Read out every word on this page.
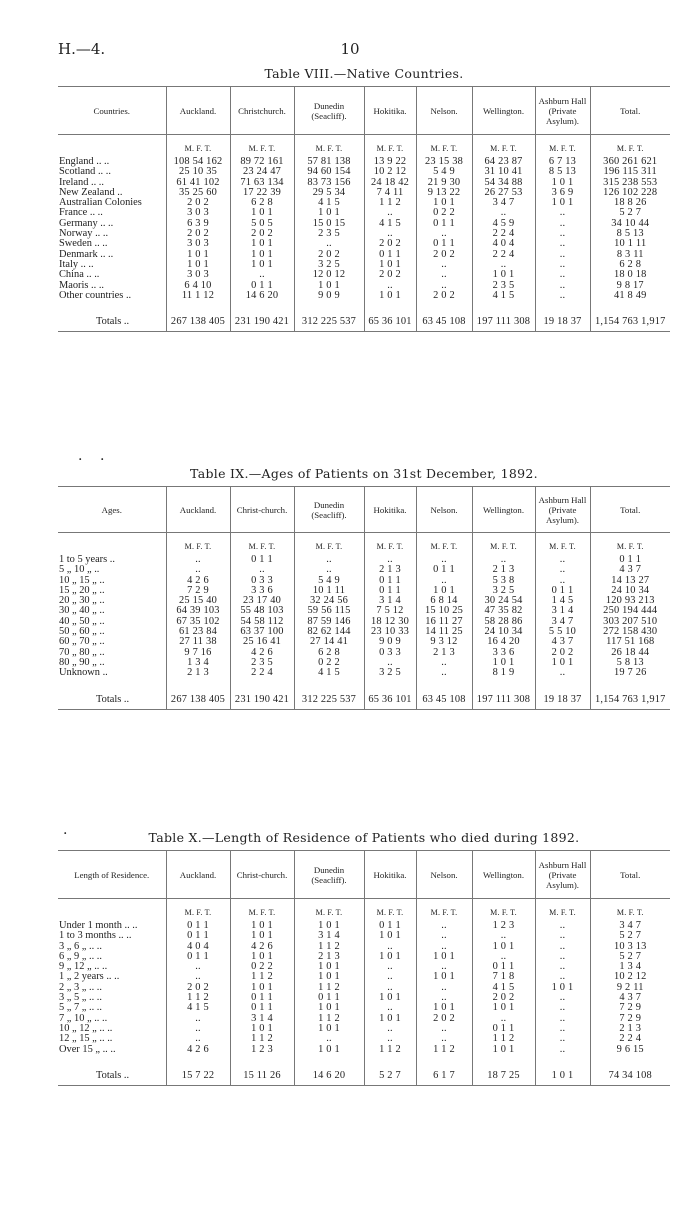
H.—4.	10
Table VIII.—Native Countries.
Countries.	Auckland.	Christchurch.	Dunedin (Seacliff).	Hokitika.	Nelson.	Wellington.	Ashburn Hall (Private Asylum).	Total.

	M. F. T.	M. F. T.	M. F. T.	M. F. T.	M. F. T.	M. F. T.	M. F. T.	M. F. T.
England .. ..	108 54 162	89 72 161	57 81 138	13 9 22	23 15 38	64 23 87	6 7 13	360 261 621
Scotland .. ..	25 10 35	23 24 47	94 60 154	10 2 12	5 4 9	31 10 41	8 5 13	196 115 311
Ireland .. ..	61 41 102	71 63 134	83 73 156	24 18 42	21 9 30	54 34 88	1 0 1	315 238 553
New Zealand ..	35 25 60	17 22 39	29 5 34	7 4 11	9 13 22	26 27 53	3 6 9	126 102 228
Australian Colonies	2 0 2	6 2 8	4 1 5	1 1 2	1 0 1	3 4 7	1 0 1	18 8 26
France .. ..	3 0 3	1 0 1	1 0 1	..	0 2 2	..	..	5 2 7
Germany .. ..	6 3 9	5 0 5	15 0 15	4 1 5	0 1 1	4 5 9	..	34 10 44
Norway .. ..	2 0 2	2 0 2	2 3 5	..	..	2 2 4	..	8 5 13
Sweden .. ..	3 0 3	1 0 1	..	2 0 2	0 1 1	4 0 4	..	10 1 11
Denmark .. ..	1 0 1	1 0 1	2 0 2	0 1 1	2 0 2	2 2 4	..	8 3 11
Italy .. ..	1 0 1	1 0 1	3 2 5	1 0 1	..	..	..	6 2 8
China .. ..	3 0 3	..	12 0 12	2 0 2	..	1 0 1	..	18 0 18
Maoris .. ..	6 4 10	0 1 1	1 0 1	..	..	2 3 5	..	9 8 17
Other countries ..	11 1 12	14 6 20	9 0 9	1 0 1	2 0 2	4 1 5	..	41 8 49

Totals ..	267 138 405	231 190 421	312 225 537	65 36 101	63 45 108	197 111 308	19 18 37	1,154 763 1,917
. .
Table IX.—Ages of Patients on 31st December, 1892.
Ages.	Auckland.	Christ-church.	Dunedin (Seacliff).	Hokitika.	Nelson.	Wellington.	Ashburn Hall (Private Asylum).	Total.

	M. F. T.	M. F. T.	M. F. T.	M. F. T.	M. F. T.	M. F. T.	M. F. T.	M. F. T.
1 to 5 years ..	..	0 1 1	..	..	..	..	..	0 1 1
5 „ 10 „ ..	..	..	..	2 1 3	0 1 1	2 1 3	..	4 3 7
10 „ 15 „ ..	4 2 6	0 3 3	5 4 9	0 1 1	..	5 3 8	..	14 13 27
15 „ 20 „ ..	7 2 9	3 3 6	10 1 11	0 1 1	1 0 1	3 2 5	0 1 1	24 10 34
20 „ 30 „ ..	25 15 40	23 17 40	32 24 56	3 1 4	6 8 14	30 24 54	1 4 5	120 93 213
30 „ 40 „ ..	64 39 103	55 48 103	59 56 115	7 5 12	15 10 25	47 35 82	3 1 4	250 194 444
40 „ 50 „ ..	67 35 102	54 58 112	87 59 146	18 12 30	16 11 27	58 28 86	3 4 7	303 207 510
50 „ 60 „ ..	61 23 84	63 37 100	82 62 144	23 10 33	14 11 25	24 10 34	5 5 10	272 158 430
60 „ 70 „ ..	27 11 38	25 16 41	27 14 41	9 0 9	9 3 12	16 4 20	4 3 7	117 51 168
70 „ 80 „ ..	9 7 16	4 2 6	6 2 8	0 3 3	2 1 3	3 3 6	2 0 2	26 18 44
80 „ 90 „ ..	1 3 4	2 3 5	0 2 2	..	..	1 0 1	1 0 1	5 8 13
Unknown ..	2 1 3	2 2 4	4 1 5	3 2 5	..	8 1 9	..	19 7 26

Totals ..	267 138 405	231 190 421	312 225 537	65 36 101	63 45 108	197 111 308	19 18 37	1,154 763 1,917
.	Table X.—Length of Residence of Patients who died during 1892.
Length of Residence.	Auckland.	Christ-church.	Dunedin (Seacliff).	Hokitika.	Nelson.	Wellington.	Ashburn Hall (Private Asylum).	Total.

	M. F. T.	M. F. T.	M. F. T.	M. F. T.	M. F. T.	M. F. T.	M. F. T.	M. F. T.
Under 1 month .. ..	0 1 1	1 0 1	1 0 1	0 1 1	..	1 2 3	..	3 4 7
1 to 3 months .. ..	0 1 1	1 0 1	3 1 4	1 0 1	..	..	..	5 2 7
3 „ 6 „ .. ..	4 0 4	4 2 6	1 1 2	..	..	1 0 1	..	10 3 13
6 „ 9 „ .. ..	0 1 1	1 0 1	2 1 3	1 0 1	1 0 1	..	..	5 2 7
9 „ 12 „ .. ..	..	0 2 2	1 0 1	..	..	0 1 1	..	1 3 4
1 „ 2 years .. ..	..	1 1 2	1 0 1	..	1 0 1	7 1 8	..	10 2 12
2 „ 3 „ .. ..	2 0 2	1 0 1	1 1 2	..	..	4 1 5	1 0 1	9 2 11
3 „ 5 „ .. ..	1 1 2	0 1 1	0 1 1	1 0 1	..	2 0 2	..	4 3 7
5 „ 7 „ .. ..	4 1 5	0 1 1	1 0 1	..	1 0 1	1 0 1	..	7 2 9
7 „ 10 „ .. ..	..	3 1 4	1 1 2	1 0 1	2 0 2	..	..	7 2 9
10 „ 12 „ .. ..	..	1 0 1	1 0 1	..	..	0 1 1	..	2 1 3
12 „ 15 „ .. ..	..	1 1 2	..	..	..	1 1 2	..	2 2 4
Over 15 „ .. ..	4 2 6	1 2 3	1 0 1	1 1 2	1 1 2	1 0 1	..	9 6 15

Totals ..	15 7 22	15 11 26	14 6 20	5 2 7	6 1 7	18 7 25	1 0 1	74 34 108
